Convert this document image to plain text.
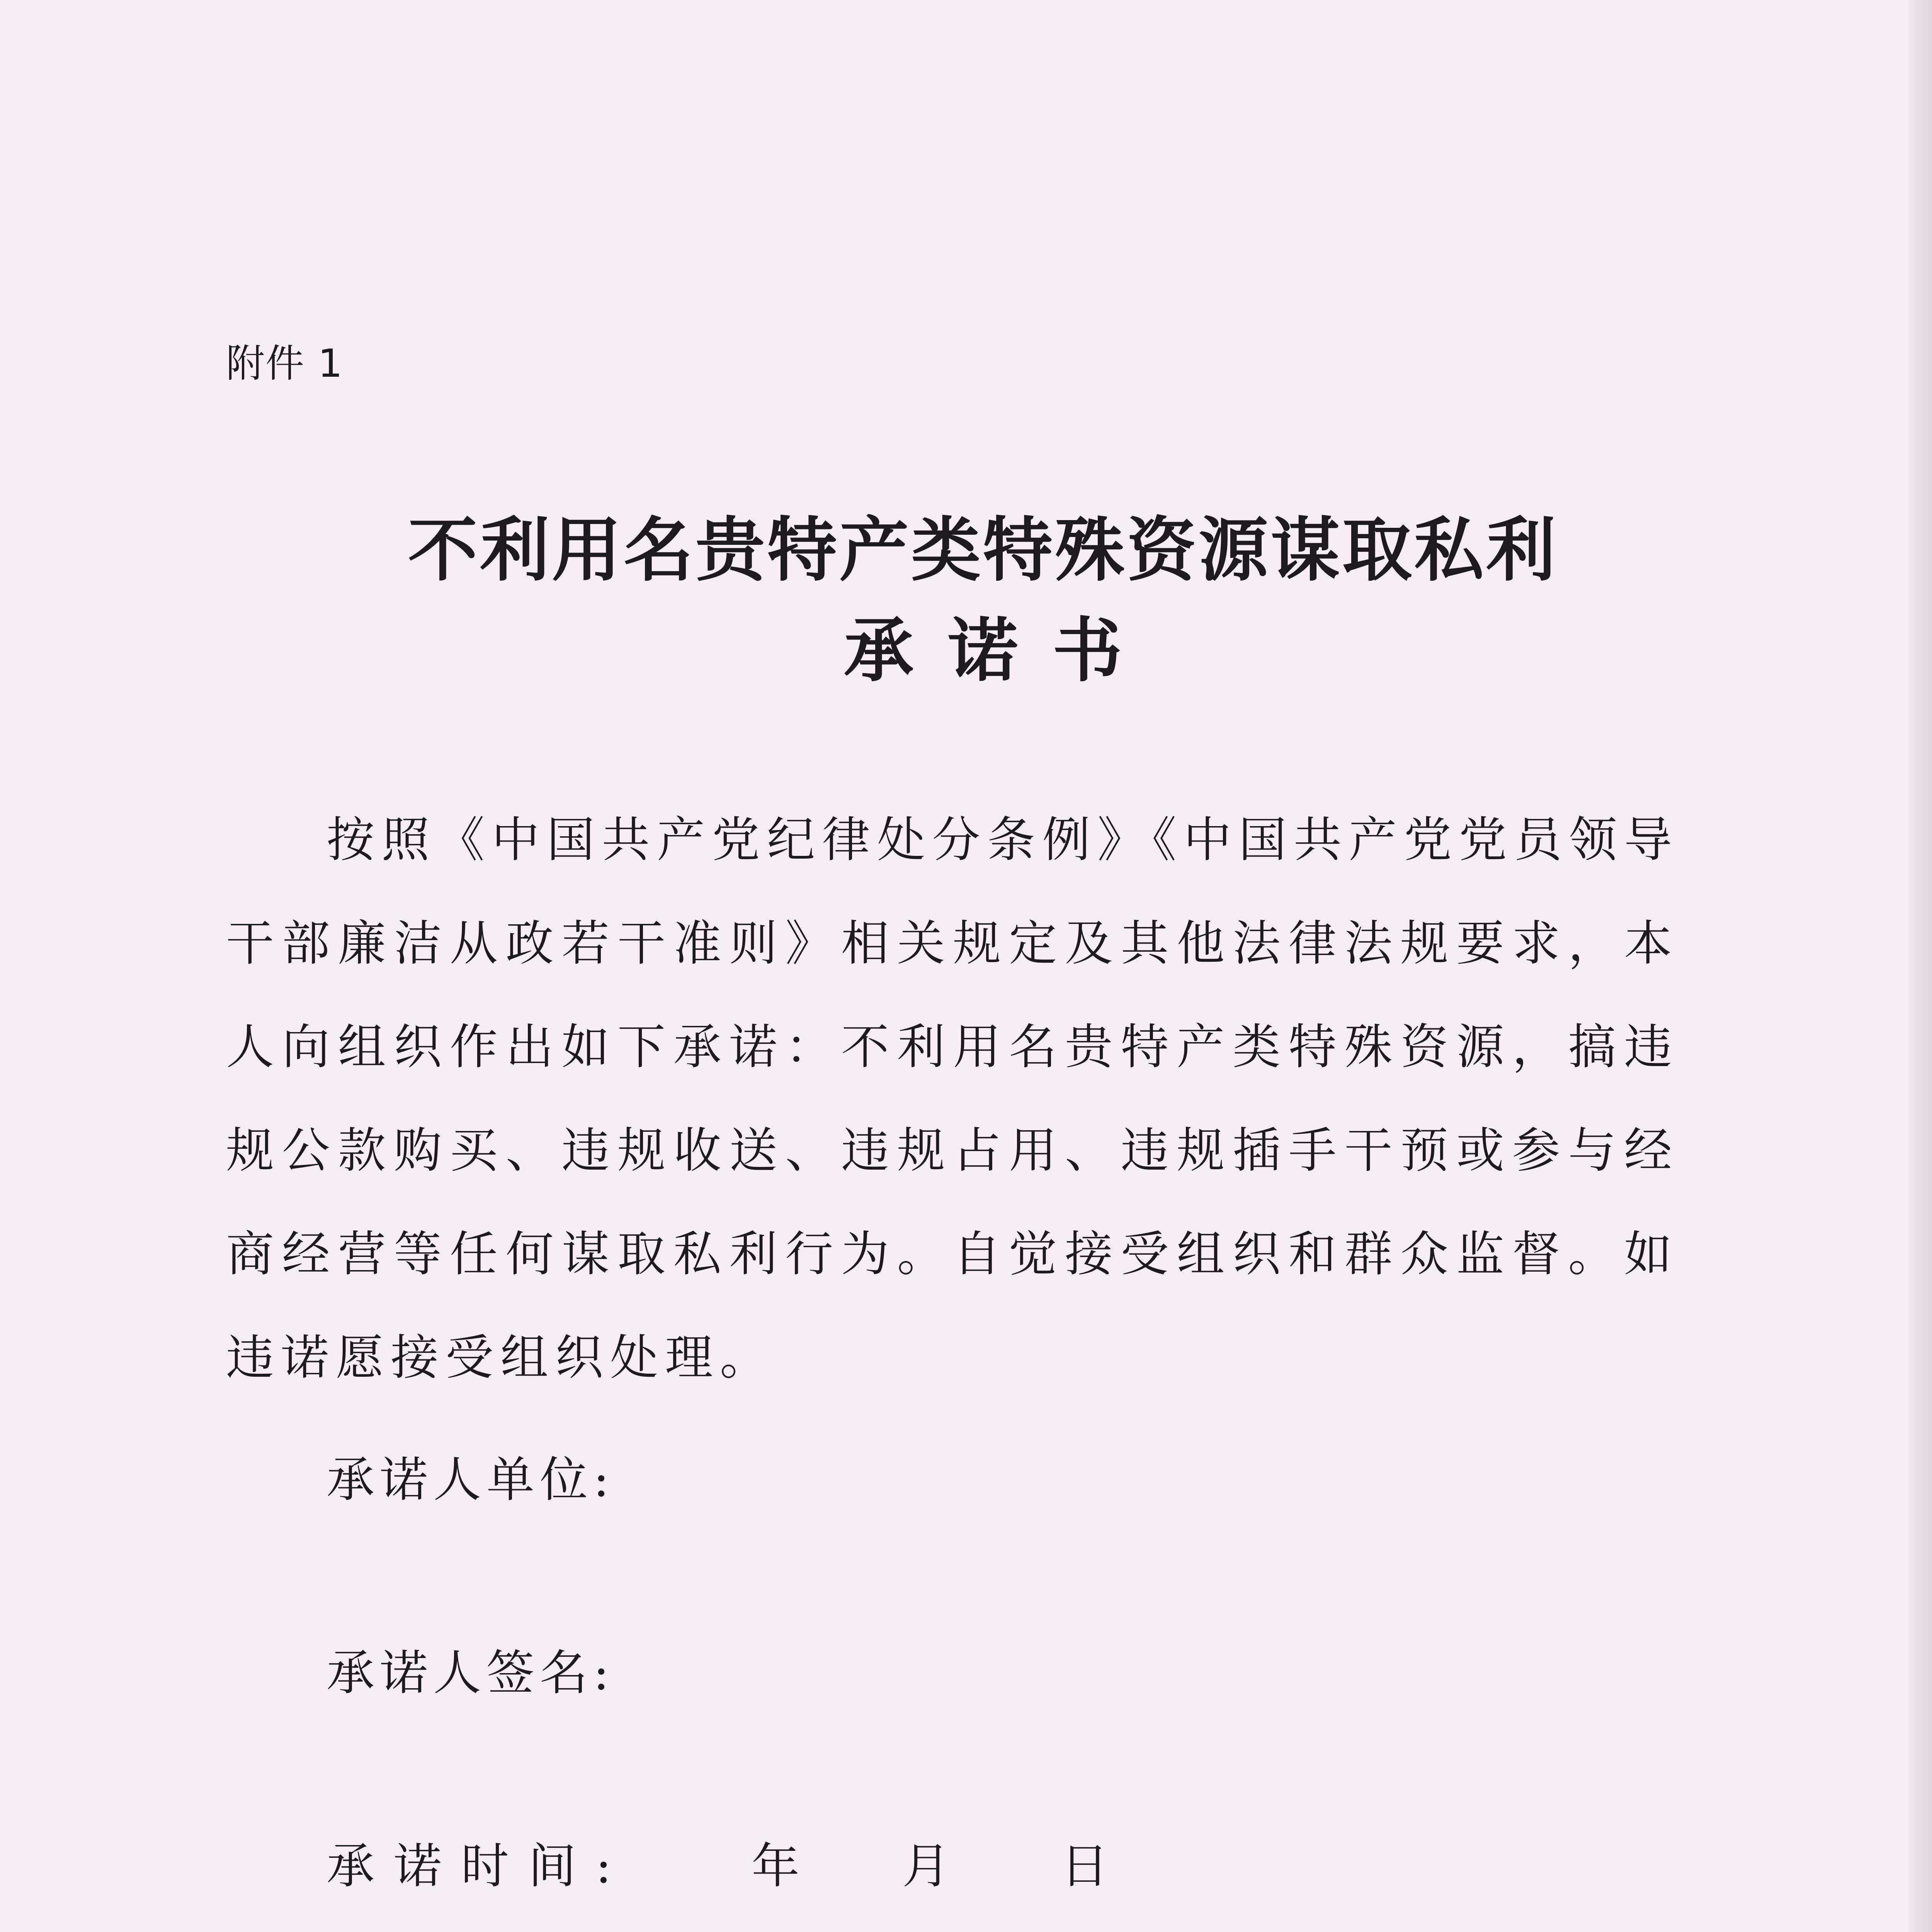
附件 1
不利用名贵特产类特殊资源谋取私利
承诺书
按照《中国共产党纪律处分条例》《中国共产党党员领导干部廉洁从政若干准则》相关规定及其他法律法规要求，本人向组织作出如下承诺：不利用名贵特产类特殊资源，搞违规公款购买、违规收送、违规占用、违规插手干预或参与经商经营等任何谋取私利行为。自觉接受组织和群众监督。如违诺愿接受组织处理。
承诺人单位:
承诺人签名:
承诺时间:	年 月 日
